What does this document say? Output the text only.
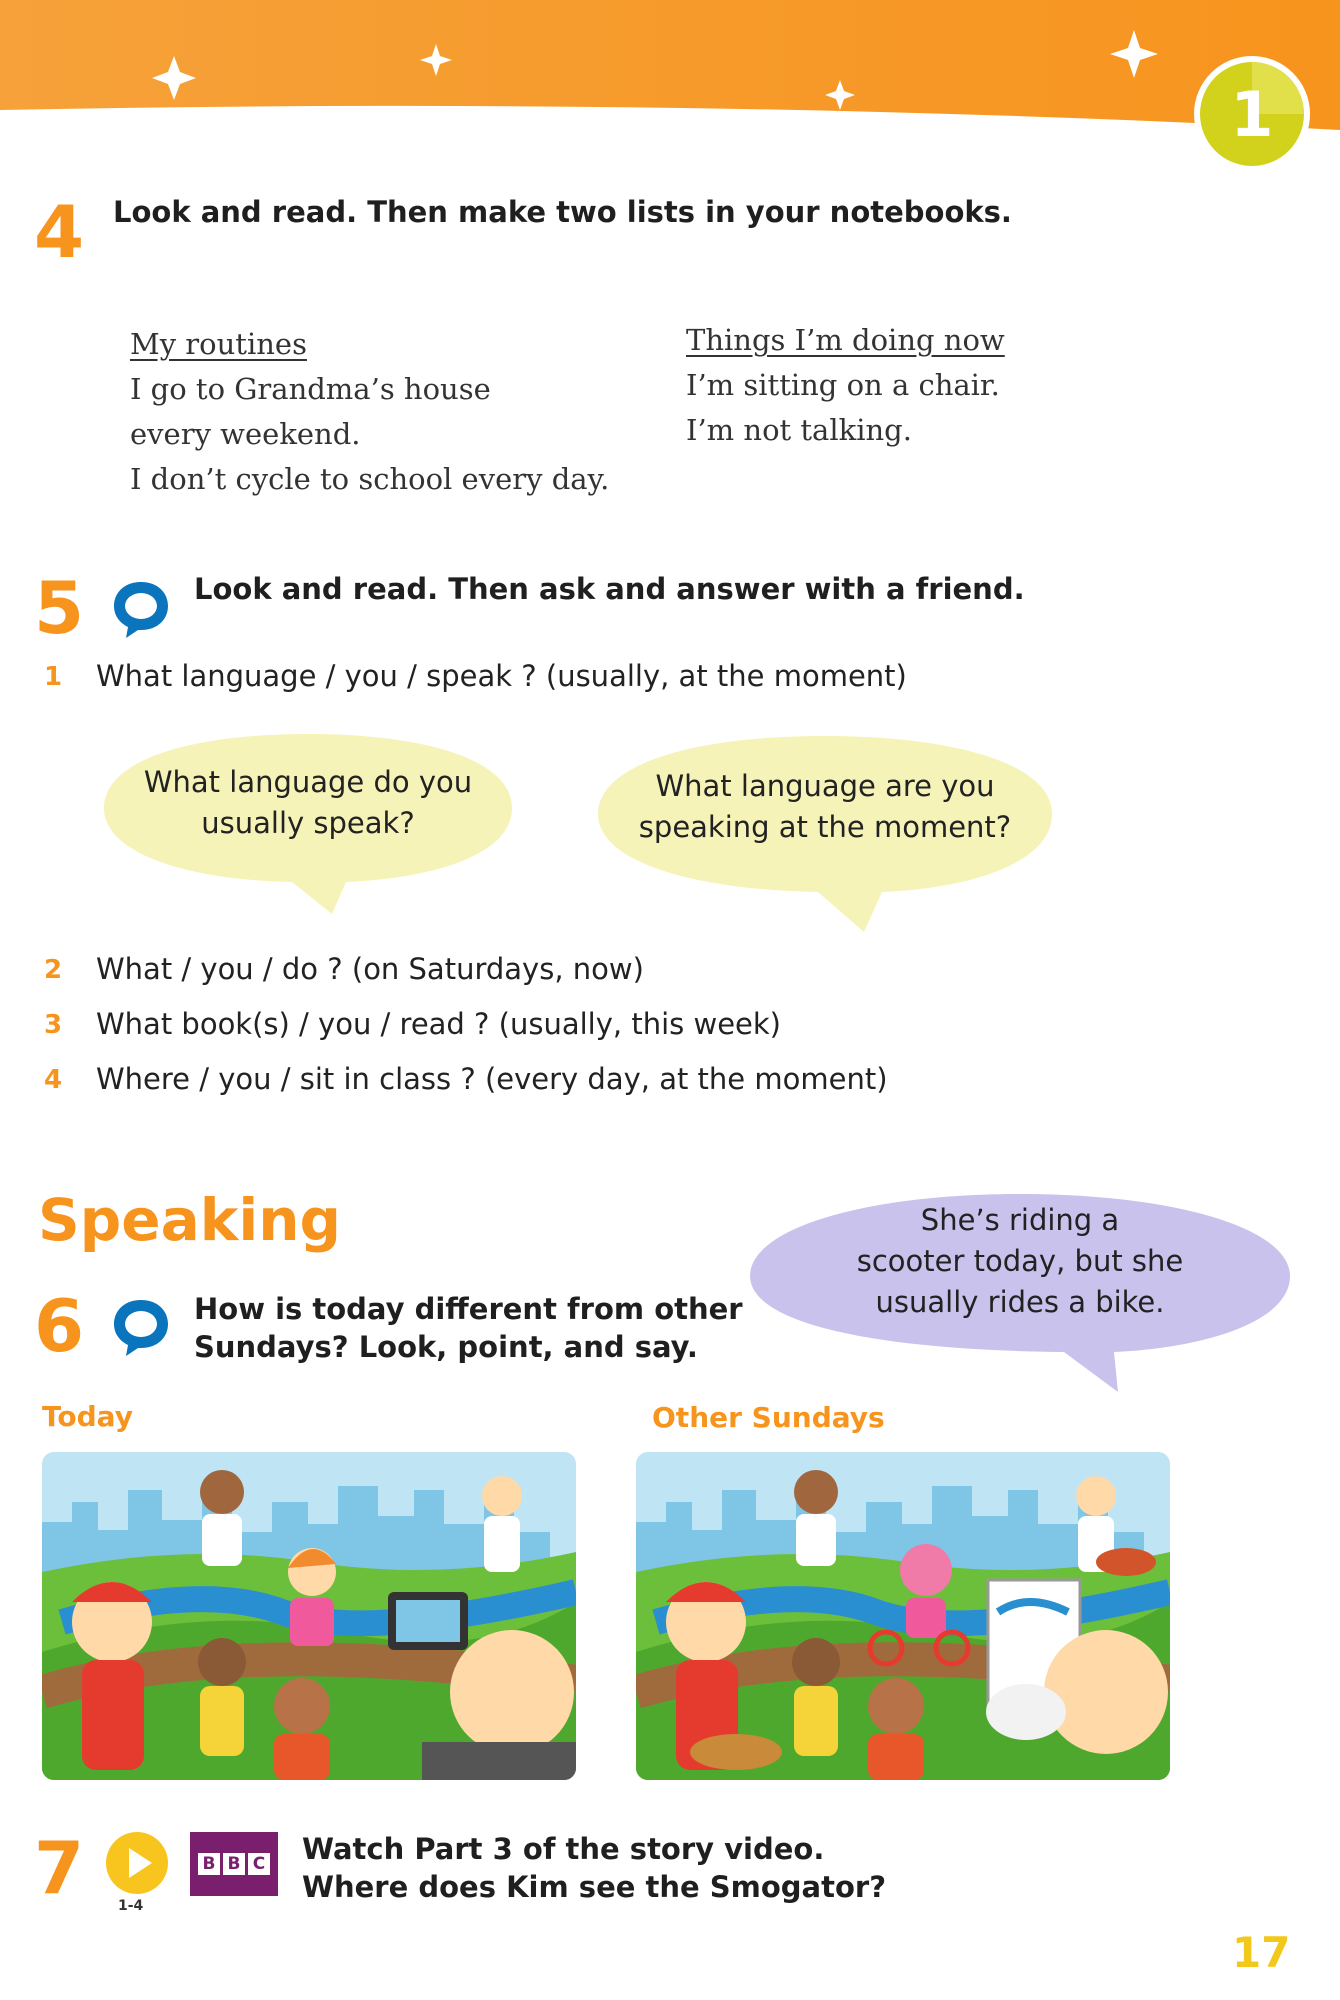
1
4 Look and read. Then make two lists in your notebooks.
My routines
I go to Grandma’s house
every weekend.
I don’t cycle to school every day.
Things I’m doing now
I’m sitting on a chair.
I’m not talking.
5	Look and read. Then ask and answer with a friend.
1 What language / you / speak ? (usually, at the moment)
What language do you
usually speak?
What language are you
speaking at the moment?
2 What / you / do ? (on Saturdays, now)
3 What book(s) / you / read ? (usually, this week)
4 Where / you / sit in class ? (every day, at the moment)
Speaking	She’s riding a
scooter today, but she
usually rides a bike.
6	How is today different from other
Sundays? Look, point, and say.
Today	Other Sundays
7 1-4
B B C Watch Part 3 of the story video.
Where does Kim see the Smogator?
17
